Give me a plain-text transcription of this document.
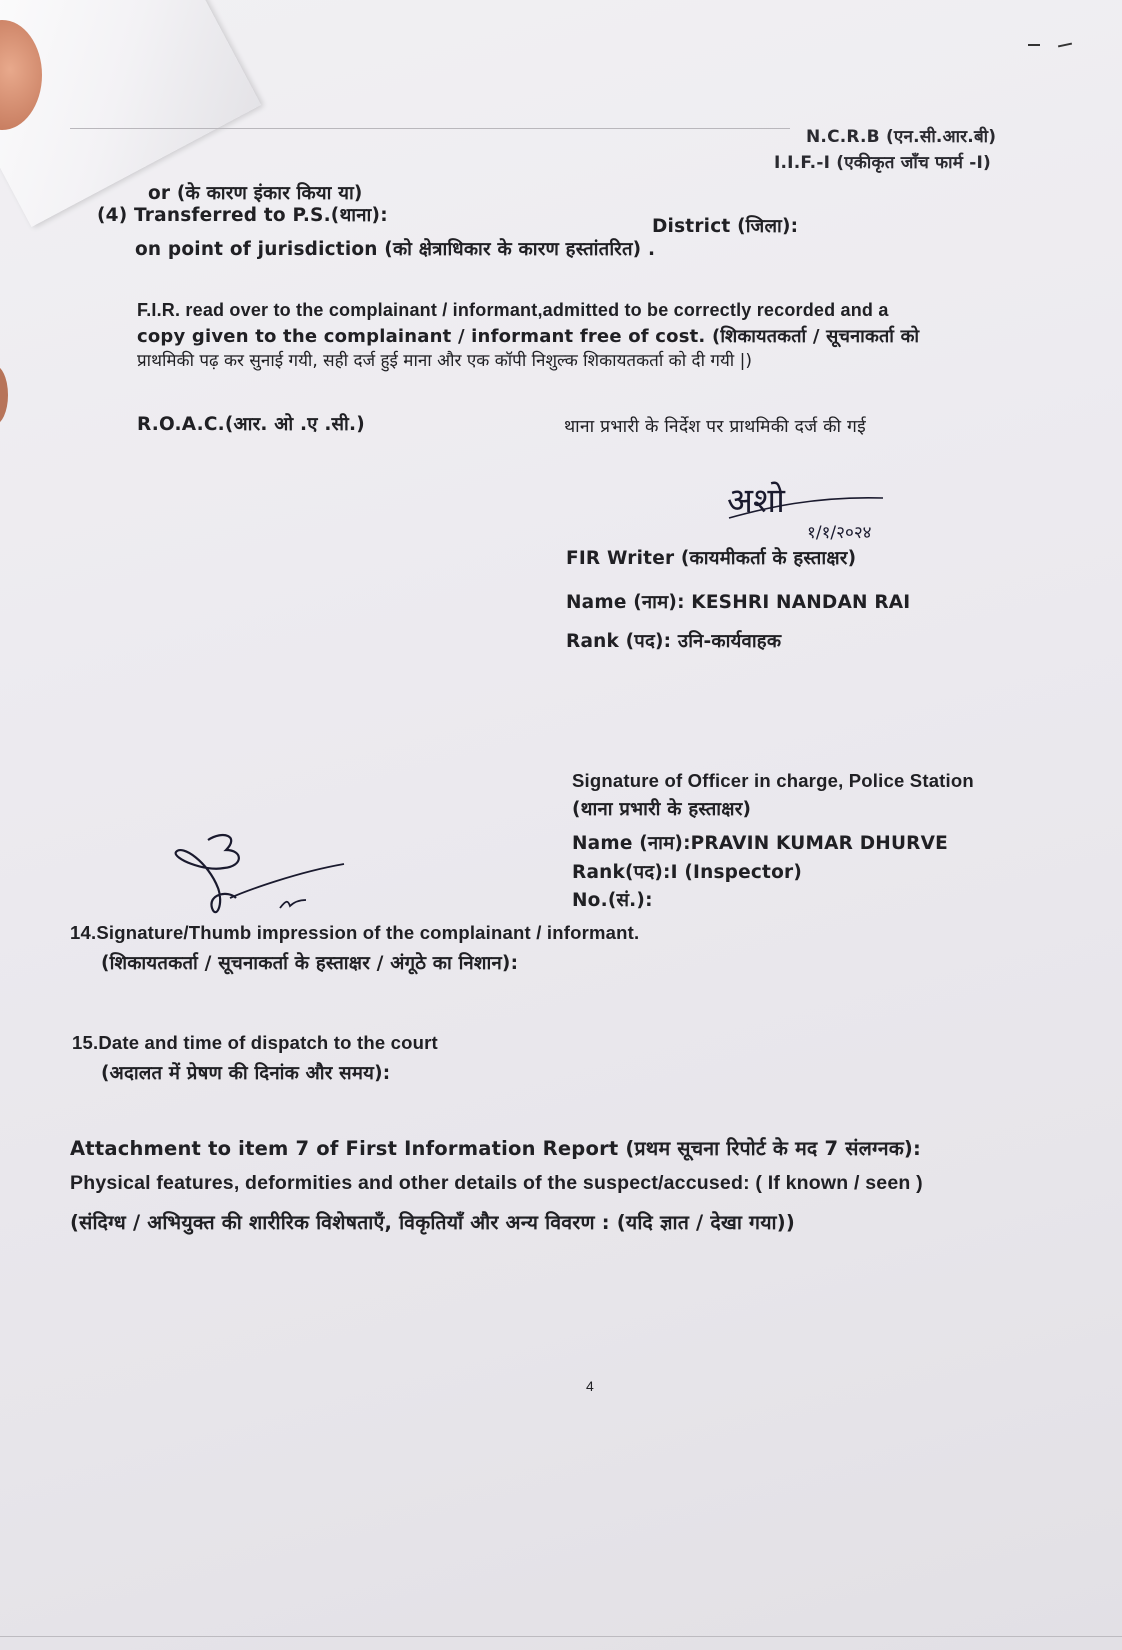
N.C.R.B (एन.सी.आर.बी)
I.I.F.-I (एकीकृत जाँच फार्म -I)
or (के कारण इंकार किया या)
(4) Transferred to P.S.(थाना):
District (जिला):
on point of jurisdiction (को क्षेत्राधिकार के कारण हस्तांतरित) .
F.I.R. read over to the complainant / informant,admitted to be correctly recorded and a
copy given to the complainant / informant free of cost. (शिकायतकर्ता / सूचनाकर्ता को
प्राथमिकी पढ़ कर सुनाई गयी, सही दर्ज हुई माना और एक कॉपी निशुल्क शिकायतकर्ता को दी गयी |)
R.O.A.C.(आर. ओ .ए .सी.)	थाना प्रभारी के निर्देश पर प्राथमिकी दर्ज की गई
अशो
१/१/२०२४
FIR Writer (कायमीकर्ता के हस्ताक्षर)
Name (नाम): KESHRI NANDAN RAI
Rank (पद): उनि-कार्यवाहक
Signature of Officer in charge, Police Station
(थाना प्रभारी के हस्ताक्षर)
Name (नाम):PRAVIN KUMAR DHURVE
Rank(पद):I (Inspector)
No.(सं.):
14.Signature/Thumb impression of the complainant / informant.
(शिकायतकर्ता / सूचनाकर्ता के हस्ताक्षर / अंगूठे का निशान):
15.Date and time of dispatch to the court
(अदालत में प्रेषण की दिनांक और समय):
Attachment to item 7 of First Information Report (प्रथम सूचना रिपोर्ट के मद 7 संलग्नक):
Physical features, deformities and other details of the suspect/accused: ( If known / seen )
(संदिग्ध / अभियुक्त की शारीरिक विशेषताएँ, विकृतियाँ और अन्य विवरण : (यदि ज्ञात / देखा गया))
4
